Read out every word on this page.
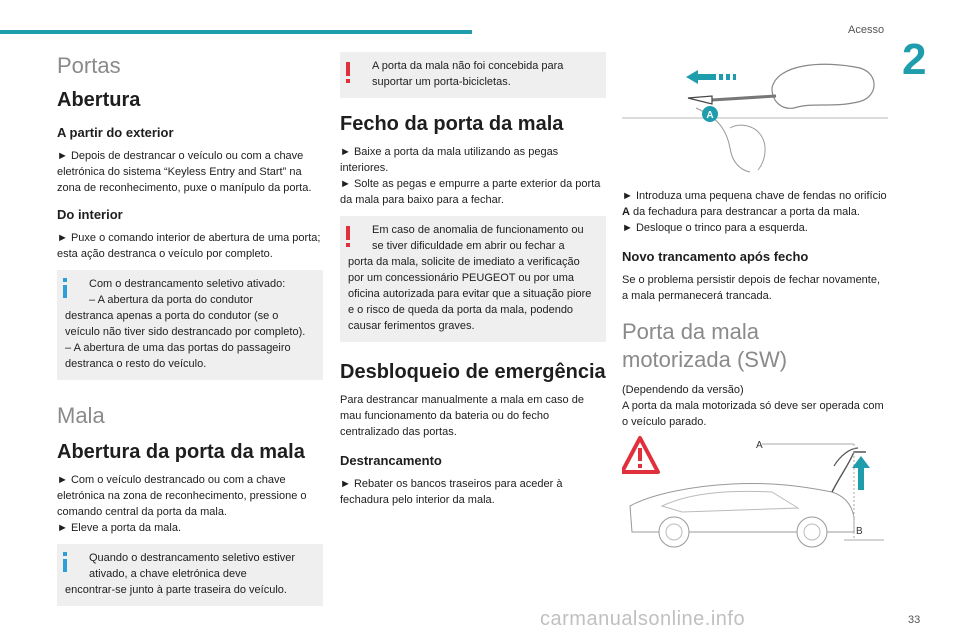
Acesso
2
Portas
Abertura
A partir do exterior

► Depois de destrancar o veículo ou com a chave eletrónica do sistema “Keyless Entry and Start” na zona de reconhecimento, puxe o manípulo da porta.

Do interior

► Puxe o comando interior de abertura de uma porta; esta ação destranca o veículo por completo.

Com o destrancamento seletivo ativado:
– A abertura da porta do condutor
destranca apenas a porta do condutor (se o veículo não tiver sido destrancado por completo).
– A abertura de uma das portas do passageiro destranca o resto do veículo.
Mala
Abertura da porta da mala

► Com o veículo destrancado ou com a chave eletrónica na zona de reconhecimento, pressione o comando central da porta da mala.

► Eleve a porta da mala.

Quando o destrancamento seletivo estiver
ativado, a chave eletrónica deve
encontrar-se junto à parte traseira do veículo.
A porta da mala não foi concebida para
suportar um porta-bicicletas.
Fecho da porta da mala

► Baixe a porta da mala utilizando as pegas interiores.

► Solte as pegas e empurre a parte exterior da porta da mala para baixo para a fechar.

Em caso de anomalia de funcionamento ou
se tiver dificuldade em abrir ou fechar a
porta da mala, solicite de imediato a verificação por um concessionário PEUGEOT ou por uma oficina autorizada para evitar que a situação piore e o risco de queda da porta da mala, podendo causar ferimentos graves.
Desbloqueio de emergência

Para destrancar manualmente a mala em caso de mau funcionamento da bateria ou do fecho centralizado das portas.

Destrancamento

► Rebater os bancos traseiros para aceder à fechadura pelo interior da mala.

A

► Introduza uma pequena chave de fendas no orifício A da fechadura para destrancar a porta da mala.

► Desloque o trinco para a esquerda.

Novo trancamento após fecho

Se o problema persistir depois de fechar novamente, a mala permanecerá trancada.

Porta da mala motorizada (SW)

(Dependendo da versão)

A porta da mala motorizada só deve ser operada com o veículo parado.

A
B
carmanualsonline.info	33
